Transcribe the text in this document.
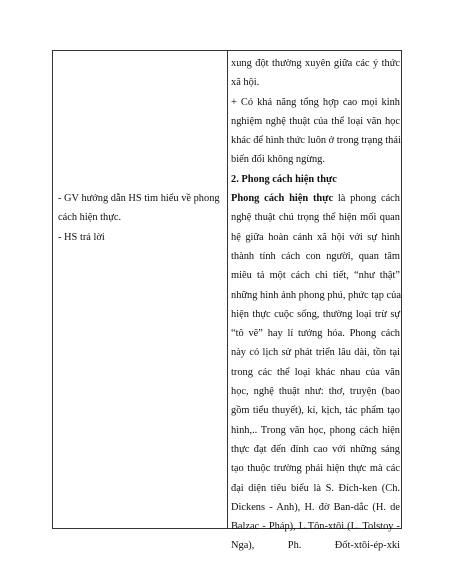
- GV hướng dẫn HS tìm hiểu về phong
cách hiện thực.
- HS trả lời
xung đột thường xuyên giữa các ý thức
xã hội.
+ Có khả năng tổng hợp cao mọi kinh
nghiệm nghệ thuật của thể loại văn học
khác để hình thức luôn ở trong trạng thái
biến đổi không ngừng.
2. Phong cách hiện thực
Phong cách hiện thực là phong cách
nghệ thuật chú trọng thể hiện mối quan
hệ giữa hoàn cảnh xã hội với sự hình
thành tính cách con người, quan tâm
miêu tả một cách chi tiết, “như thật”
những hình ảnh phong phú, phức tạp của
hiện thực cuộc sống, thường loại trừ sự
“tô vẽ” hay lí tưởng hóa. Phong cách
này có lịch sử phát triển lâu dài, tồn tại
trong các thể loại khác nhau của văn
học, nghệ thuật như: thơ, truyện (bao
gồm tiểu thuyết), kí, kịch, tác phẩm tạo
hình,.. Trong văn học, phong cách hiện
thực đạt đến đỉnh cao với những sáng
tạo thuộc trường phái hiện thực mà các
đại diện tiêu biểu là S. Đích-ken (Ch.
Dickens - Anh), H. đờ Ban-dắc (H. de
Balzac - Pháp), L.Tôn-xtôi (L. Tolstoy -
Nga), Ph. Đốt-xtôi-ép-xki
